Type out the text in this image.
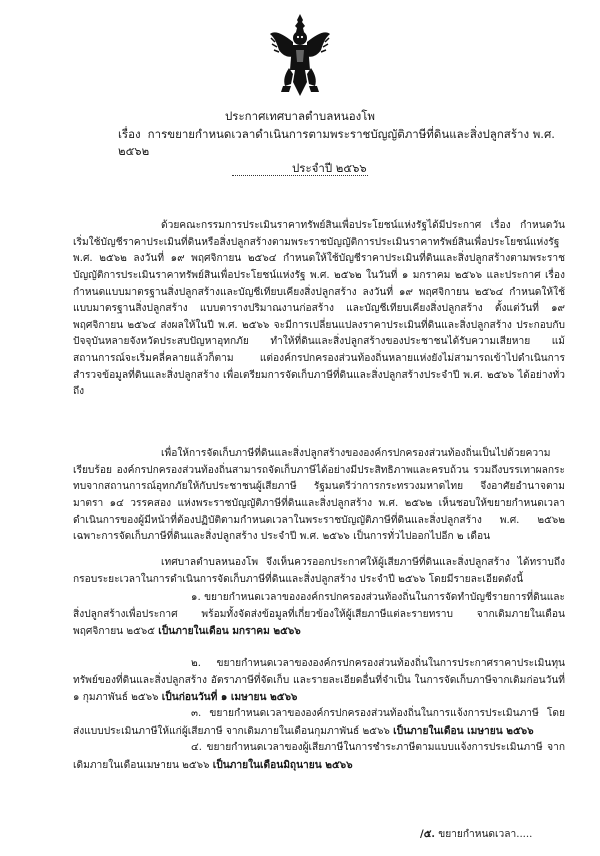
ประกาศเทศบาลตำบลหนองโพ
เรื่อง การขยายกำหนดเวลาดำเนินการตามพระราชบัญญัติภาษีที่ดินและสิ่งปลูกสร้าง พ.ศ. ๒๕๖๒
ประจำปี ๒๕๖๖

ด้วยคณะกรรมการประเมินราคาทรัพย์สินเพื่อประโยชน์แห่งรัฐได้มีประกาศ เรื่อง กำหนดวันเริ่มใช้บัญชีราคาประเมินที่ดินหรือสิ่งปลูกสร้างตามพระราชบัญญัติการประเมินราคาทรัพย์สินเพื่อประโยชน์แห่งรัฐ พ.ศ. ๒๕๖๒ ลงวันที่ ๑๙ พฤศจิกายน ๒๕๖๔ กำหนดให้ใช้บัญชีราคาประเมินที่ดินและสิ่งปลูกสร้างตามพระราชบัญญัติการประเมินราคาทรัพย์สินเพื่อประโยชน์แห่งรัฐ พ.ศ. ๒๕๖๒ ในวันที่ ๑ มกราคม ๒๕๖๖ และประกาศ เรื่องกำหนดแบบมาตรฐานสิ่งปลูกสร้างและบัญชีเทียบเคียงสิ่งปลูกสร้าง ลงวันที่ ๑๙ พฤศจิกายน ๒๕๖๔ กำหนดให้ใช้แบบมาตรฐานสิ่งปลูกสร้าง แบบตารางปริมาณงานก่อสร้าง และบัญชีเทียบเคียงสิ่งปลูกสร้าง ตั้งแต่วันที่ ๑๙ พฤศจิกายน ๒๕๖๔ ส่งผลให้ในปี พ.ศ. ๒๕๖๖ จะมีการเปลี่ยนแปลงราคาประเมินที่ดินและสิ่งปลูกสร้าง ประกอบกับปัจจุบันหลายจังหวัดประสบปัญหาอุทกภัย ทำให้ที่ดินและสิ่งปลูกสร้างของประชาชนได้รับความเสียหาย แม้สถานการณ์จะเริ่มคลี่คลายแล้วก็ตาม แต่องค์กรปกครองส่วนท้องถิ่นหลายแห่งยังไม่สามารถเข้าไปดำเนินการสำรวจข้อมูลที่ดินและสิ่งปลูกสร้าง เพื่อเตรียมการจัดเก็บภาษีที่ดินและสิ่งปลูกสร้างประจำปี พ.ศ. ๒๕๖๖ ได้อย่างทั่วถึง

เพื่อให้การจัดเก็บภาษีที่ดินและสิ่งปลูกสร้างขององค์กรปกครองส่วนท้องถิ่นเป็นไปด้วยความเรียบร้อย องค์กรปกครองส่วนท้องถิ่นสามารถจัดเก็บภาษีได้อย่างมีประสิทธิภาพและครบถ้วน รวมถึงบรรเทาผลกระทบจากสถานการณ์อุทกภัยให้กับประชาชนผู้เสียภาษี รัฐมนตรีว่าการกระทรวงมหาดไทย จึงอาศัยอำนาจตามมาตรา ๑๔ วรรคสอง แห่งพระราชบัญญัติภาษีที่ดินและสิ่งปลูกสร้าง พ.ศ. ๒๕๖๒ เห็นชอบให้ขยายกำหนดเวลาดำเนินการของผู้มีหน้าที่ต้องปฏิบัติตามกำหนดเวลาในพระราชบัญญัติภาษีที่ดินและสิ่งปลูกสร้าง พ.ศ. ๒๕๖๒ เฉพาะการจัดเก็บภาษีที่ดินและสิ่งปลูกสร้าง ประจำปี พ.ศ. ๒๕๖๖ เป็นการทั่วไปออกไปอีก ๒ เดือน

เทศบาลตำบลหนองโพ จึงเห็นควรออกประกาศให้ผู้เสียภาษีที่ดินและสิ่งปลูกสร้าง ได้ทราบถึงกรอบระยะเวลาในการดำเนินการจัดเก็บภาษีที่ดินและสิ่งปลูกสร้าง ประจำปี ๒๕๖๖ โดยมีรายละเอียดดังนี้

๑. ขยายกำหนดเวลาขององค์กรปกครองส่วนท้องถิ่นในการจัดทำบัญชีรายการที่ดินและสิ่งปลูกสร้างเพื่อประกาศ พร้อมทั้งจัดส่งข้อมูลที่เกี่ยวข้องให้ผู้เสียภาษีแต่ละรายทราบ จากเดิมภายในเดือนพฤศจิกายน ๒๕๖๕ เป็นภายในเดือน มกราคม ๒๕๖๖

๒. ขยายกำหนดเวลาขององค์กรปกครองส่วนท้องถิ่นในการประกาศราคาประเมินทุนทรัพย์ของที่ดินและสิ่งปลูกสร้าง อัตราภาษีที่จัดเก็บ และรายละเอียดอื่นที่จำเป็น ในการจัดเก็บภาษีจากเดิมก่อนวันที่ ๑ กุมภาพันธ์ ๒๕๖๖ เป็นก่อนวันที่ ๑ เมษายน ๒๕๖๖

๓. ขยายกำหนดเวลาขององค์กรปกครองส่วนท้องถิ่นในการแจ้งการประเมินภาษี โดยส่งแบบประเมินภาษีให้แก่ผู้เสียภาษี จากเดิมภายในเดือนกุมภาพันธ์ ๒๕๖๖ เป็นภายในเดือน เมษายน ๒๕๖๖

๔. ขยายกำหนดเวลาของผู้เสียภาษีในการชำระภาษีตามแบบแจ้งการประเมินภาษี จากเดิมภายในเดือนเมษายน ๒๕๖๖ เป็นภายในเดือนมิถุนายน ๒๕๖๖

/๕. ขยายกำหนดเวลา.....
